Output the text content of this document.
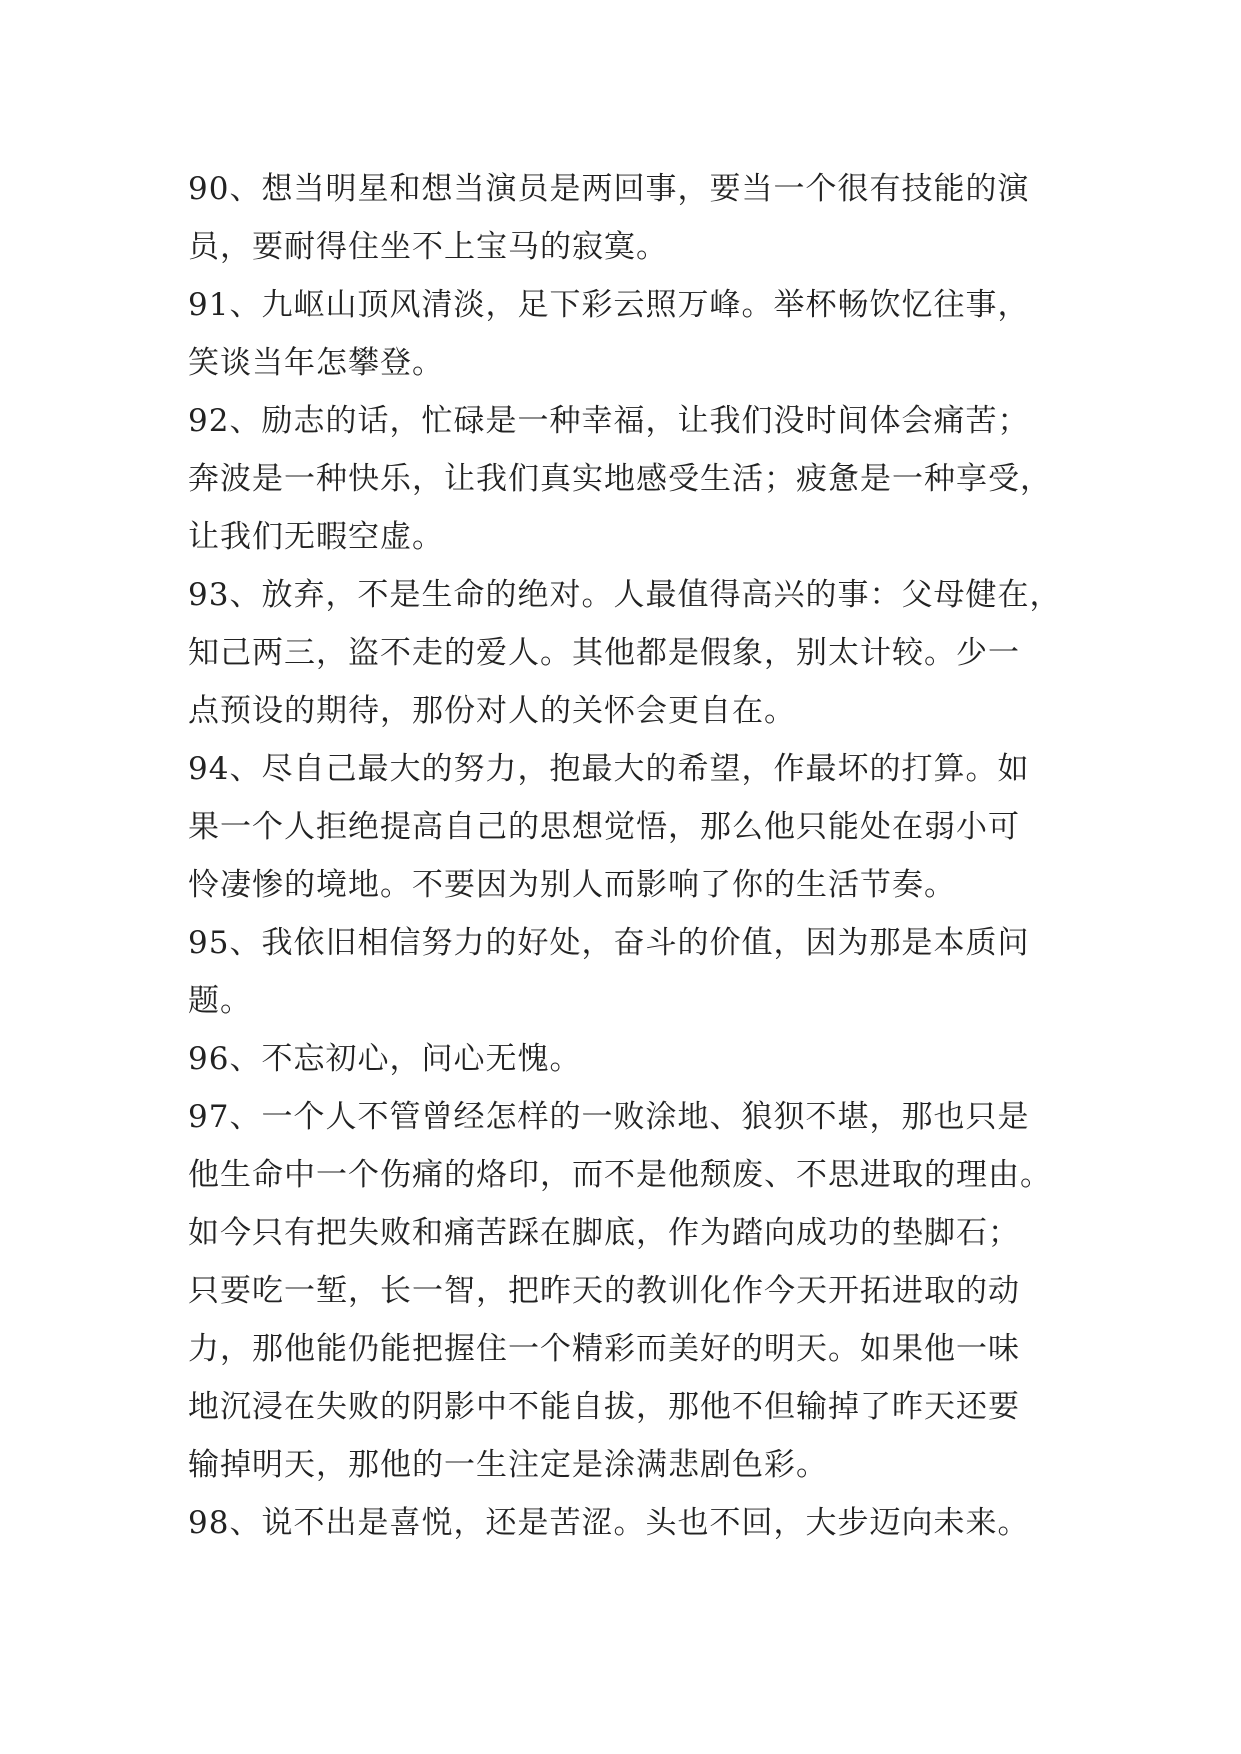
90、想当明星和想当演员是两回事，要当一个很有技能的演
员，要耐得住坐不上宝马的寂寞。
91、九岖山顶风清淡，足下彩云照万峰。举杯畅饮忆往事，
笑谈当年怎攀登。
92、励志的话，忙碌是一种幸福，让我们没时间体会痛苦；
奔波是一种快乐，让我们真实地感受生活；疲惫是一种享受，
让我们无暇空虚。
93、放弃，不是生命的绝对。人最值得高兴的事：父母健在，
知己两三，盗不走的爱人。其他都是假象，别太计较。少一
点预设的期待，那份对人的关怀会更自在。
94、尽自己最大的努力，抱最大的希望，作最坏的打算。如
果一个人拒绝提高自己的思想觉悟，那么他只能处在弱小可
怜凄惨的境地。不要因为别人而影响了你的生活节奏。
95、我依旧相信努力的好处，奋斗的价值，因为那是本质问
题。
96、不忘初心，问心无愧。
97、一个人不管曾经怎样的一败涂地、狼狈不堪，那也只是
他生命中一个伤痛的烙印，而不是他颓废、不思进取的理由。
如今只有把失败和痛苦踩在脚底，作为踏向成功的垫脚石；
只要吃一堑，长一智，把昨天的教训化作今天开拓进取的动
力，那他能仍能把握住一个精彩而美好的明天。如果他一味
地沉浸在失败的阴影中不能自拔，那他不但输掉了昨天还要
输掉明天，那他的一生注定是涂满悲剧色彩。
98、说不出是喜悦，还是苦涩。头也不回，大步迈向未来。
